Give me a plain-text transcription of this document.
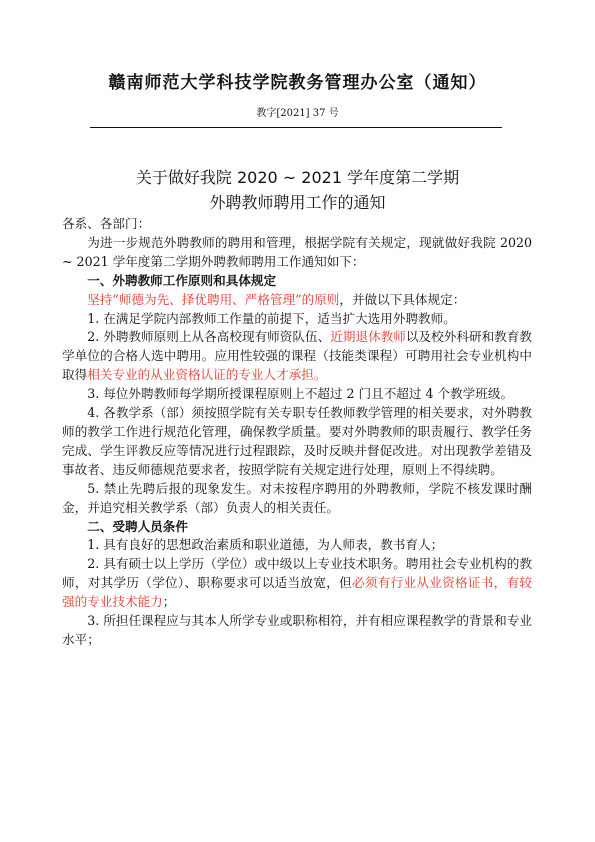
赣南师范大学科技学院教务管理办公室（通知）
教字[2021] 37 号
关于做好我院 2020 ~ 2021 学年度第二学期
外聘教师聘用工作的通知

各系、各部门：

为进一步规范外聘教师的聘用和管理，根据学院有关规定，现就做好我院 2020 ~ 2021 学年度第二学期外聘教师聘用工作通知如下：

一、外聘教师工作原则和具体规定

坚持“师德为先、择优聘用、严格管理”的原则，并做以下具体规定：

1. 在满足学院内部教师工作量的前提下，适当扩大选用外聘教师。

2. 外聘教师原则上从各高校现有师资队伍、近期退休教师以及校外科研和教育教学单位的合格人选中聘用。应用性较强的课程（技能类课程）可聘用社会专业机构中取得相关专业的从业资格认证的专业人才承担。

3. 每位外聘教师每学期所授课程原则上不超过 2 门且不超过 4 个教学班级。

4. 各教学系（部）须按照学院有关专职专任教师教学管理的相关要求，对外聘教师的教学工作进行规范化管理，确保教学质量。要对外聘教师的职责履行、教学任务完成、学生评教反应等情况进行过程跟踪，及时反映并督促改进。对出现教学差错及事故者、违反师德规范要求者，按照学院有关规定进行处理，原则上不得续聘。

5. 禁止先聘后报的现象发生。对未按程序聘用的外聘教师，学院不核发课时酬金，并追究相关教学系（部）负责人的相关责任。

二、受聘人员条件

1. 具有良好的思想政治素质和职业道德，为人师表，教书育人；

2. 具有硕士以上学历（学位）或中级以上专业技术职务。聘用社会专业机构的教师，对其学历（学位）、职称要求可以适当放宽，但必须有行业从业资格证书，有较强的专业技术能力；

3. 所担任课程应与其本人所学专业或职称相符，并有相应课程教学的背景和专业水平；
